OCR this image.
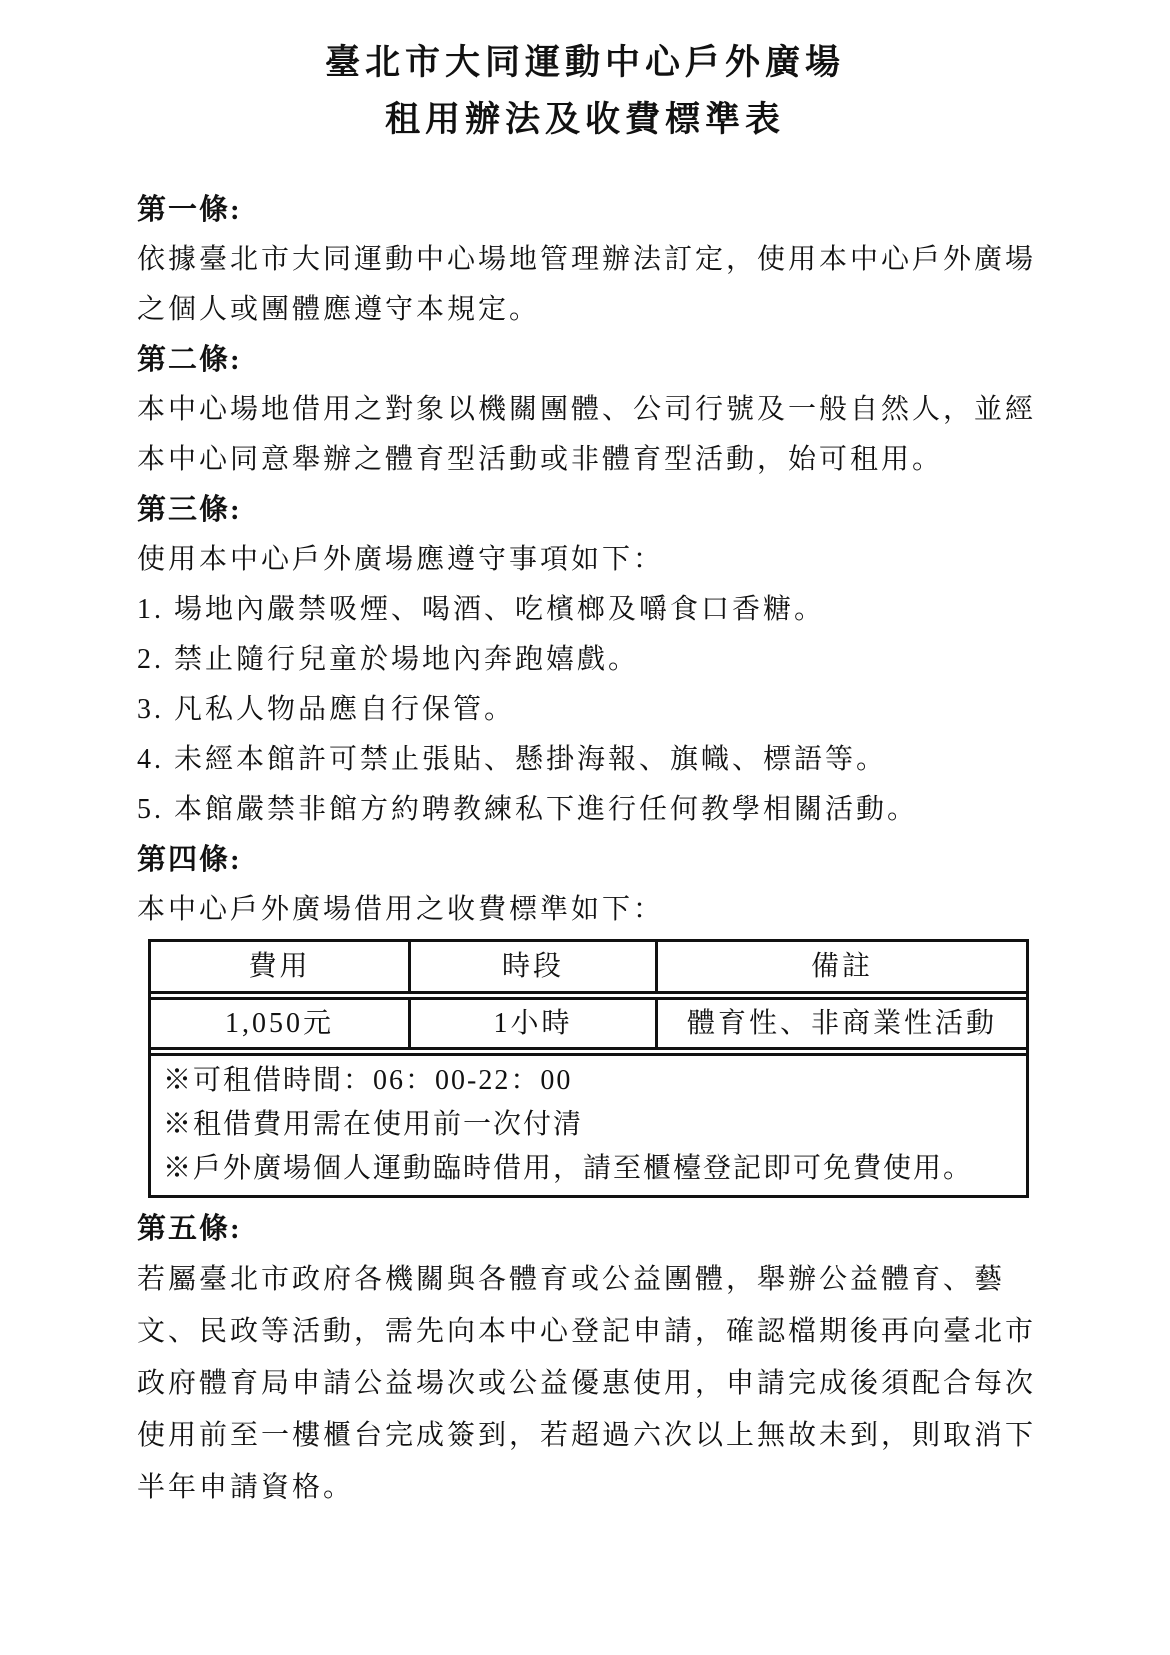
臺北市大同運動中心戶外廣場
租用辦法及收費標準表
第一條:
依據臺北市大同運動中心場地管理辦法訂定，使用本中心戶外廣場
之個人或團體應遵守本規定。
第二條:
本中心場地借用之對象以機關團體、公司行號及一般自然人，並經
本中心同意舉辦之體育型活動或非體育型活動，始可租用。
第三條:
使用本中心戶外廣場應遵守事項如下：
1. 場地內嚴禁吸煙、喝酒、吃檳榔及嚼食口香糖。
2. 禁止隨行兒童於場地內奔跑嬉戲。
3. 凡私人物品應自行保管。
4. 未經本館許可禁止張貼、懸掛海報、旗幟、標語等。
5. 本館嚴禁非館方約聘教練私下進行任何教學相關活動。
第四條:
本中心戶外廣場借用之收費標準如下：
費用	時段	備註
1,050元	1小時	體育性、非商業性活動
※可租借時間：06：00-22：00
※租借費用需在使用前一次付清
※戶外廣場個人運動臨時借用，請至櫃檯登記即可免費使用。
第五條:
若屬臺北市政府各機關與各體育或公益團體，舉辦公益體育、藝
文、民政等活動，需先向本中心登記申請，確認檔期後再向臺北市
政府體育局申請公益場次或公益優惠使用，申請完成後須配合每次
使用前至一樓櫃台完成簽到，若超過六次以上無故未到，則取消下
半年申請資格。
